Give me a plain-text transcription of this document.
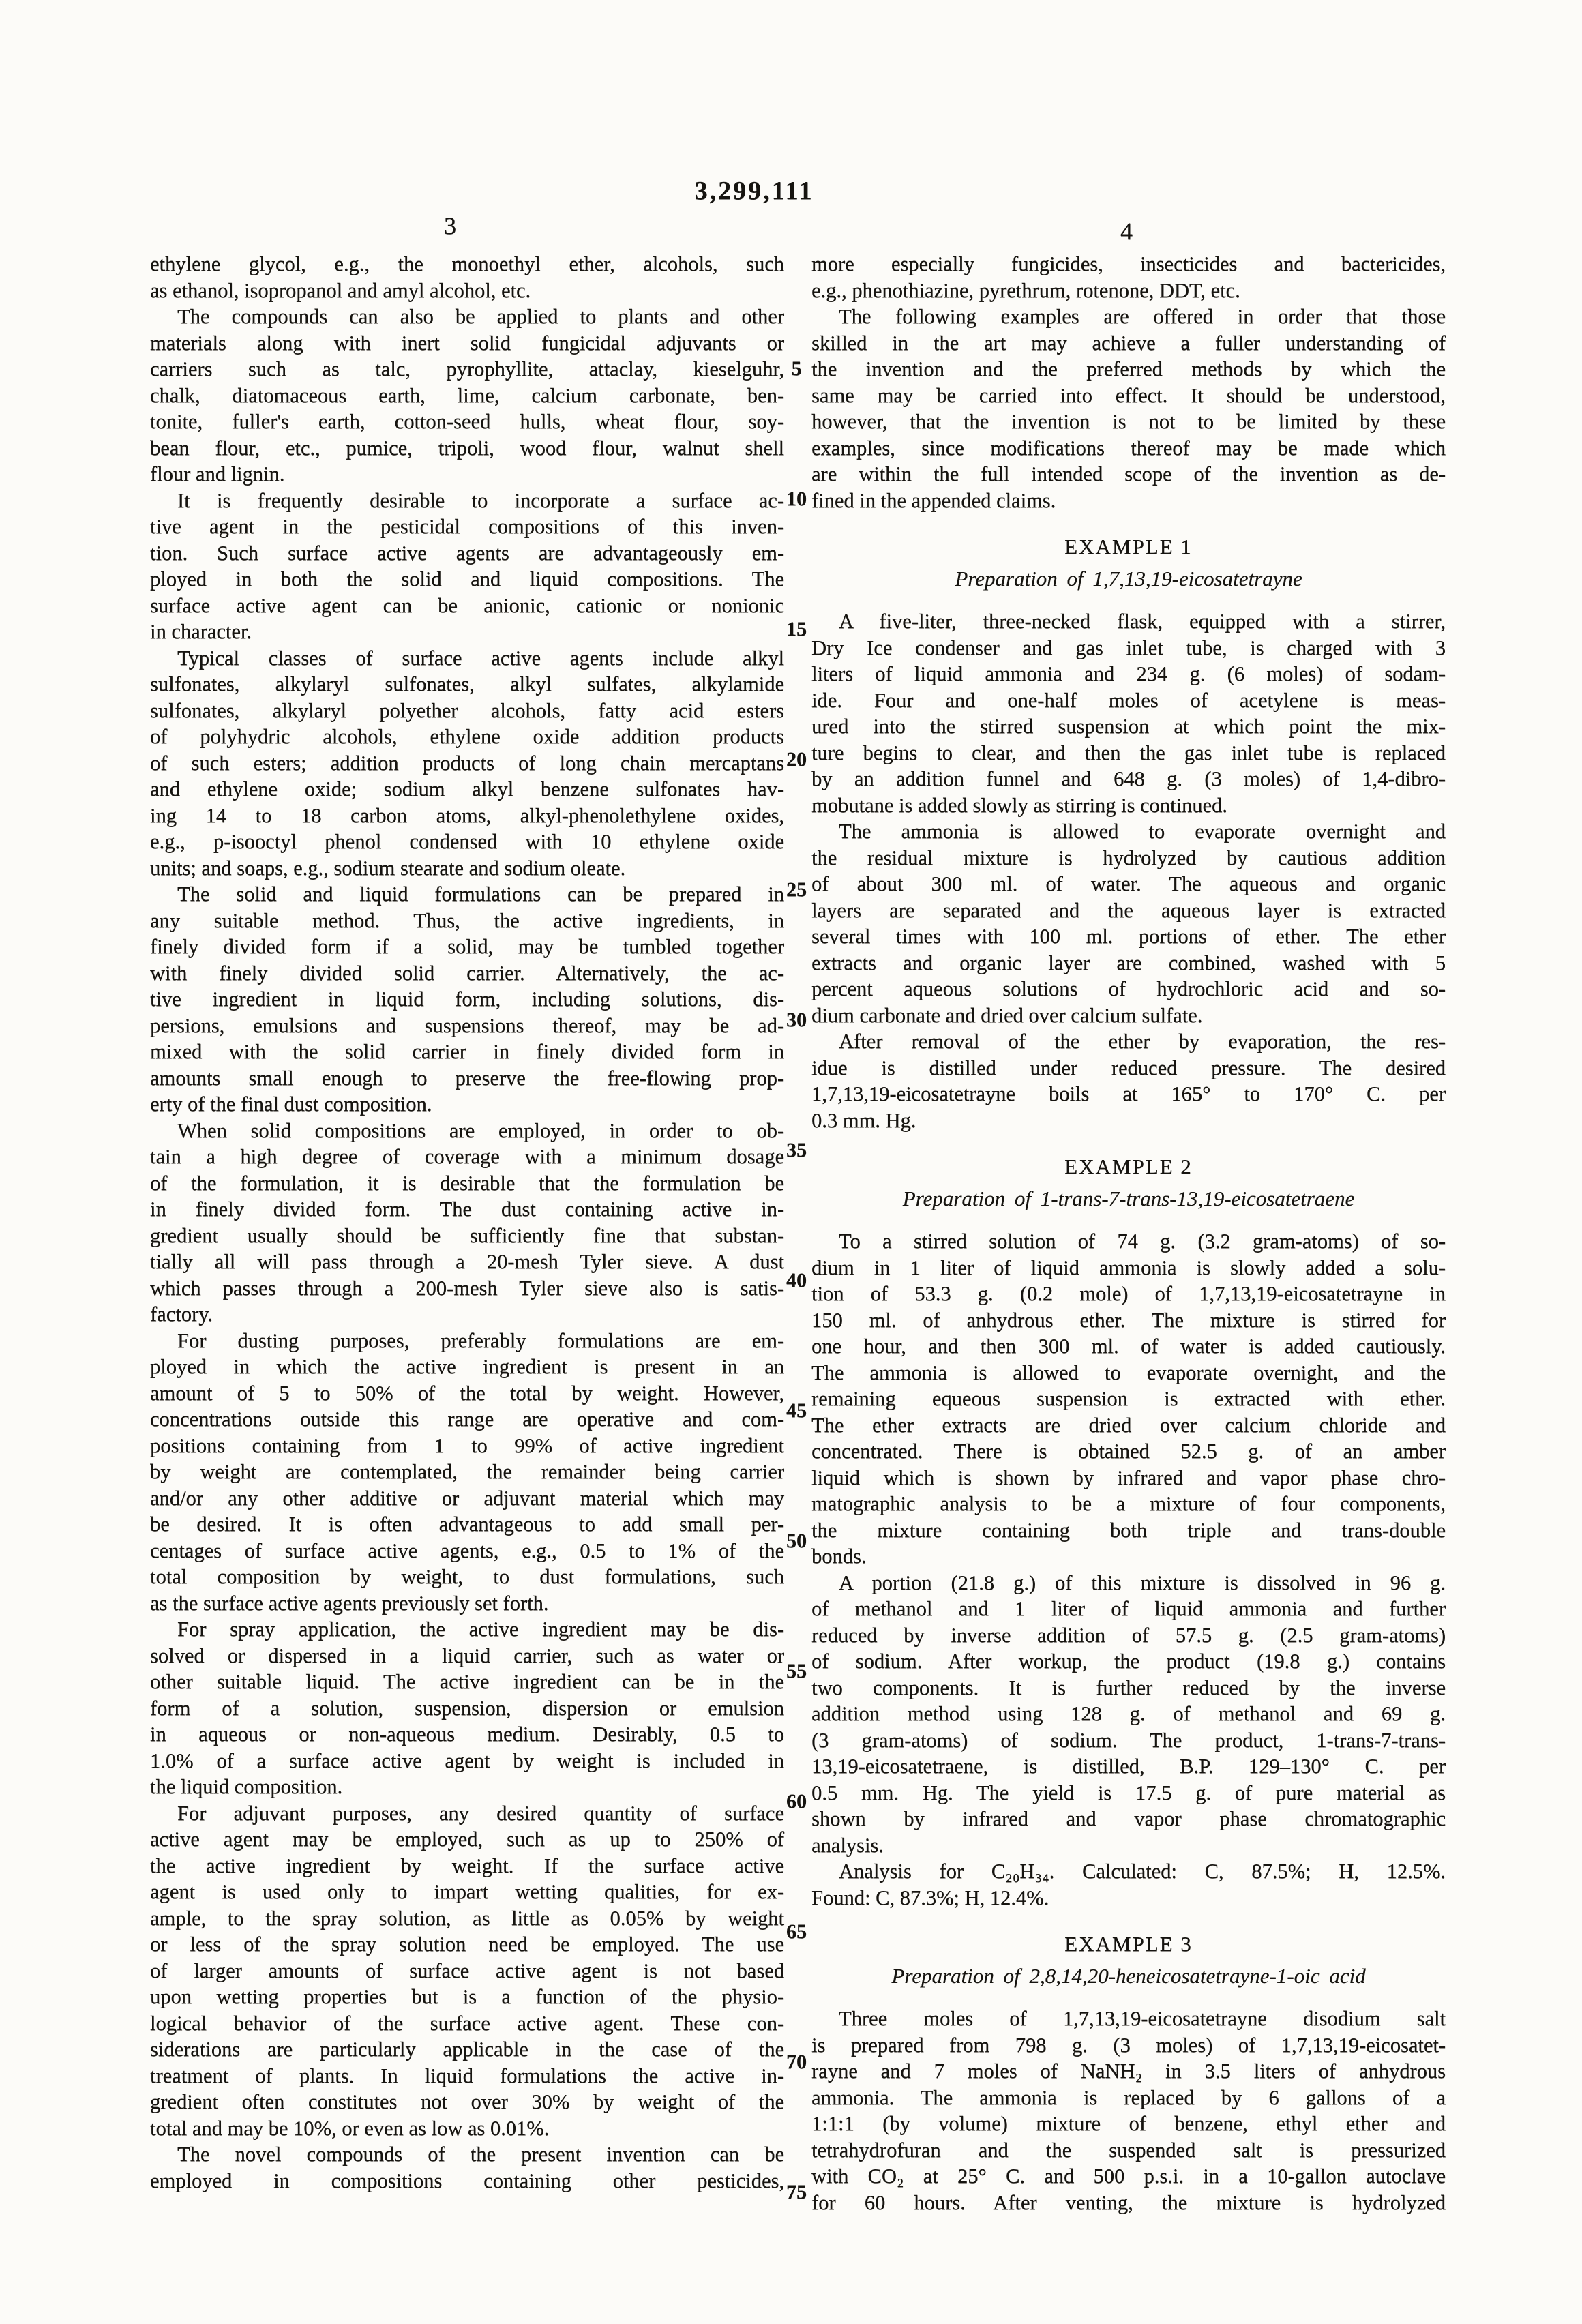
3,299,111
3	4
ethylene glycol, e.g., the monoethyl ether, alcohols, such
as ethanol, isopropanol and amyl alcohol, etc.
The compounds can also be applied to plants and other
materials along with inert solid fungicidal adjuvants or
carriers such as talc, pyrophyllite, attaclay, kieselguhr,
chalk, diatomaceous earth, lime, calcium carbonate, ben-
tonite, fuller's earth, cotton-seed hulls, wheat flour, soy-
bean flour, etc., pumice, tripoli, wood flour, walnut shell
flour and lignin.
It is frequently desirable to incorporate a surface ac-
tive agent in the pesticidal compositions of this inven-
tion. Such surface active agents are advantageously em-
ployed in both the solid and liquid compositions. The
surface active agent can be anionic, cationic or nonionic
in character.
Typical classes of surface active agents include alkyl
sulfonates, alkylaryl sulfonates, alkyl sulfates, alkylamide
sulfonates, alkylaryl polyether alcohols, fatty acid esters
of polyhydric alcohols, ethylene oxide addition products
of such esters; addition products of long chain mercaptans
and ethylene oxide; sodium alkyl benzene sulfonates hav-
ing 14 to 18 carbon atoms, alkyl-phenolethylene oxides,
e.g., p-isooctyl phenol condensed with 10 ethylene oxide
units; and soaps, e.g., sodium stearate and sodium oleate.
The solid and liquid formulations can be prepared in
any suitable method. Thus, the active ingredients, in
finely divided form if a solid, may be tumbled together
with finely divided solid carrier. Alternatively, the ac-
tive ingredient in liquid form, including solutions, dis-
persions, emulsions and suspensions thereof, may be ad-
mixed with the solid carrier in finely divided form in
amounts small enough to preserve the free-flowing prop-
erty of the final dust composition.
When solid compositions are employed, in order to ob-
tain a high degree of coverage with a minimum dosage
of the formulation, it is desirable that the formulation be
in finely divided form. The dust containing active in-
gredient usually should be sufficiently fine that substan-
tially all will pass through a 20-mesh Tyler sieve. A dust
which passes through a 200-mesh Tyler sieve also is satis-
factory.
For dusting purposes, preferably formulations are em-
ployed in which the active ingredient is present in an
amount of 5 to 50% of the total by weight. However,
concentrations outside this range are operative and com-
positions containing from 1 to 99% of active ingredient
by weight are contemplated, the remainder being carrier
and/or any other additive or adjuvant material which may
be desired. It is often advantageous to add small per-
centages of surface active agents, e.g., 0.5 to 1% of the
total composition by weight, to dust formulations, such
as the surface active agents previously set forth.
For spray application, the active ingredient may be dis-
solved or dispersed in a liquid carrier, such as water or
other suitable liquid. The active ingredient can be in the
form of a solution, suspension, dispersion or emulsion
in aqueous or non-aqueous medium. Desirably, 0.5 to
1.0% of a surface active agent by weight is included in
the liquid composition.
For adjuvant purposes, any desired quantity of surface
active agent may be employed, such as up to 250% of
the active ingredient by weight. If the surface active
agent is used only to impart wetting qualities, for ex-
ample, to the spray solution, as little as 0.05% by weight
or less of the spray solution need be employed. The use
of larger amounts of surface active agent is not based
upon wetting properties but is a function of the physio-
logical behavior of the surface active agent. These con-
siderations are particularly applicable in the case of the
treatment of plants. In liquid formulations the active in-
gredient often constitutes not over 30% by weight of the
total and may be 10%, or even as low as 0.01%.
The novel compounds of the present invention can be
employed in compositions containing other pesticides,
more especially fungicides, insecticides and bactericides,
e.g., phenothiazine, pyrethrum, rotenone, DDT, etc.
The following examples are offered in order that those
skilled in the art may achieve a fuller understanding of
the invention and the preferred methods by which the
same may be carried into effect. It should be understood,
however, that the invention is not to be limited by these
examples, since modifications thereof may be made which
are within the full intended scope of the invention as de-
fined in the appended claims.
EXAMPLE 1
Preparation of 1,7,13,19-eicosatetrayne
A five-liter, three-necked flask, equipped with a stirrer,
Dry Ice condenser and gas inlet tube, is charged with 3
liters of liquid ammonia and 234 g. (6 moles) of sodam-
ide. Four and one-half moles of acetylene is meas-
ured into the stirred suspension at which point the mix-
ture begins to clear, and then the gas inlet tube is replaced
by an addition funnel and 648 g. (3 moles) of 1,4-dibro-
mobutane is added slowly as stirring is continued.
The ammonia is allowed to evaporate overnight and
the residual mixture is hydrolyzed by cautious addition
of about 300 ml. of water. The aqueous and organic
layers are separated and the aqueous layer is extracted
several times with 100 ml. portions of ether. The ether
extracts and organic layer are combined, washed with 5
percent aqueous solutions of hydrochloric acid and so-
dium carbonate and dried over calcium sulfate.
After removal of the ether by evaporation, the res-
idue is distilled under reduced pressure. The desired
1,7,13,19-eicosatetrayne boils at 165° to 170° C. per
0.3 mm. Hg.
EXAMPLE 2
Preparation of 1-trans-7-trans-13,19-eicosatetraene
To a stirred solution of 74 g. (3.2 gram-atoms) of so-
dium in 1 liter of liquid ammonia is slowly added a solu-
tion of 53.3 g. (0.2 mole) of 1,7,13,19-eicosatetrayne in
150 ml. of anhydrous ether. The mixture is stirred for
one hour, and then 300 ml. of water is added cautiously.
The ammonia is allowed to evaporate overnight, and the
remaining equeous suspension is extracted with ether.
The ether extracts are dried over calcium chloride and
concentrated. There is obtained 52.5 g. of an amber
liquid which is shown by infrared and vapor phase chro-
matographic analysis to be a mixture of four components,
the mixture containing both triple and trans-double
bonds.
A portion (21.8 g.) of this mixture is dissolved in 96 g.
of methanol and 1 liter of liquid ammonia and further
reduced by inverse addition of 57.5 g. (2.5 gram-atoms)
of sodium. After workup, the product (19.8 g.) contains
two components. It is further reduced by the inverse
addition method using 128 g. of methanol and 69 g.
(3 gram-atoms) of sodium. The product, 1-trans-7-trans-
13,19-eicosatetraene, is distilled, B.P. 129–130° C. per
0.5 mm. Hg. The yield is 17.5 g. of pure material as
shown by infrared and vapor phase chromatographic
analysis.
Analysis for C₂₀H₃₄. Calculated: C, 87.5%; H, 12.5%.
Found: C, 87.3%; H, 12.4%.
EXAMPLE 3
Preparation of 2,8,14,20-heneicosatetrayne-1-oic acid
Three moles of 1,7,13,19-eicosatetrayne disodium salt
is prepared from 798 g. (3 moles) of 1,7,13,19-eicosatet-
rayne and 7 moles of NaNH₂ in 3.5 liters of anhydrous
ammonia. The ammonia is replaced by 6 gallons of a
1:1:1 (by volume) mixture of benzene, ethyl ether and
tetrahydrofuran and the suspended salt is pressurized
with CO₂ at 25° C. and 500 p.s.i. in a 10-gallon autoclave
for 60 hours. After venting, the mixture is hydrolyzed
5
10
15
20
25
30
35
40
45
50
55
60
65
70
75
